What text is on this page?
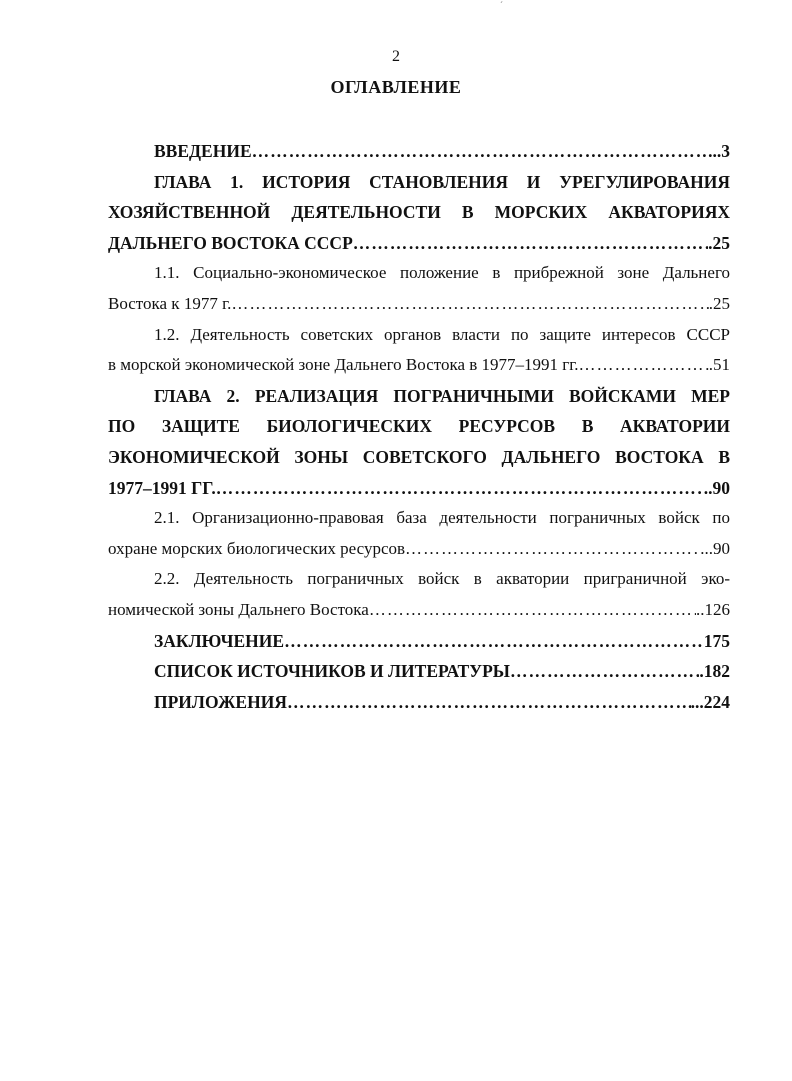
ˊ
2
ОГЛАВЛЕНИЕ
ВВЕДЕНИЕ ………………………………………………………………………………………………………………………………	...3
ГЛАВА 1. ИСТОРИЯ СТАНОВЛЕНИЯ И УРЕГУЛИРОВАНИЯ
ХОЗЯЙСТВЕННОЙ ДЕЯТЕЛЬНОСТИ В МОРСКИХ АКВАТОРИЯХ
ДАЛЬНЕГО ВОСТОКА СССР ………………………………………………………………………………………………………………………………	.25
1.1. Социально-экономическое положение в прибрежной зоне Дальнего
Востока к 1977 г. ………………………………………………………………………………………………………………………………	.25
1.2. Деятельность советских органов власти по защите интересов СССР
в морской экономической зоне Дальнего Востока в 1977–1991 гг. ………………………………………………………………………………………………………………………………	.51
ГЛАВА 2. РЕАЛИЗАЦИЯ ПОГРАНИЧНЫМИ ВОЙСКАМИ МЕР
ПО ЗАЩИТЕ БИОЛОГИЧЕСКИХ РЕСУРСОВ В АКВАТОРИИ
ЭКОНОМИЧЕСКОЙ ЗОНЫ СОВЕТСКОГО ДАЛЬНЕГО ВОСТОКА В
1977–1991 ГГ. ………………………………………………………………………………………………………………………………	..90
2.1. Организационно-правовая база деятельности пограничных войск по
охране морских биологических ресурсов ………………………………………………………………………………………………………………………………	...90
2.2. Деятельность пограничных войск в акватории приграничной эко-
номической зоны Дальнего Востока ………………………………………………………………………………………………………………………………	..126
ЗАКЛЮЧЕНИЕ ………………………………………………………………………………………………………………………………	175
СПИСОК ИСТОЧНИКОВ И ЛИТЕРАТУРЫ ………………………………………………………………………………………………………………………………	.182
ПРИЛОЖЕНИЯ ………………………………………………………………………………………………………………………………	...224
